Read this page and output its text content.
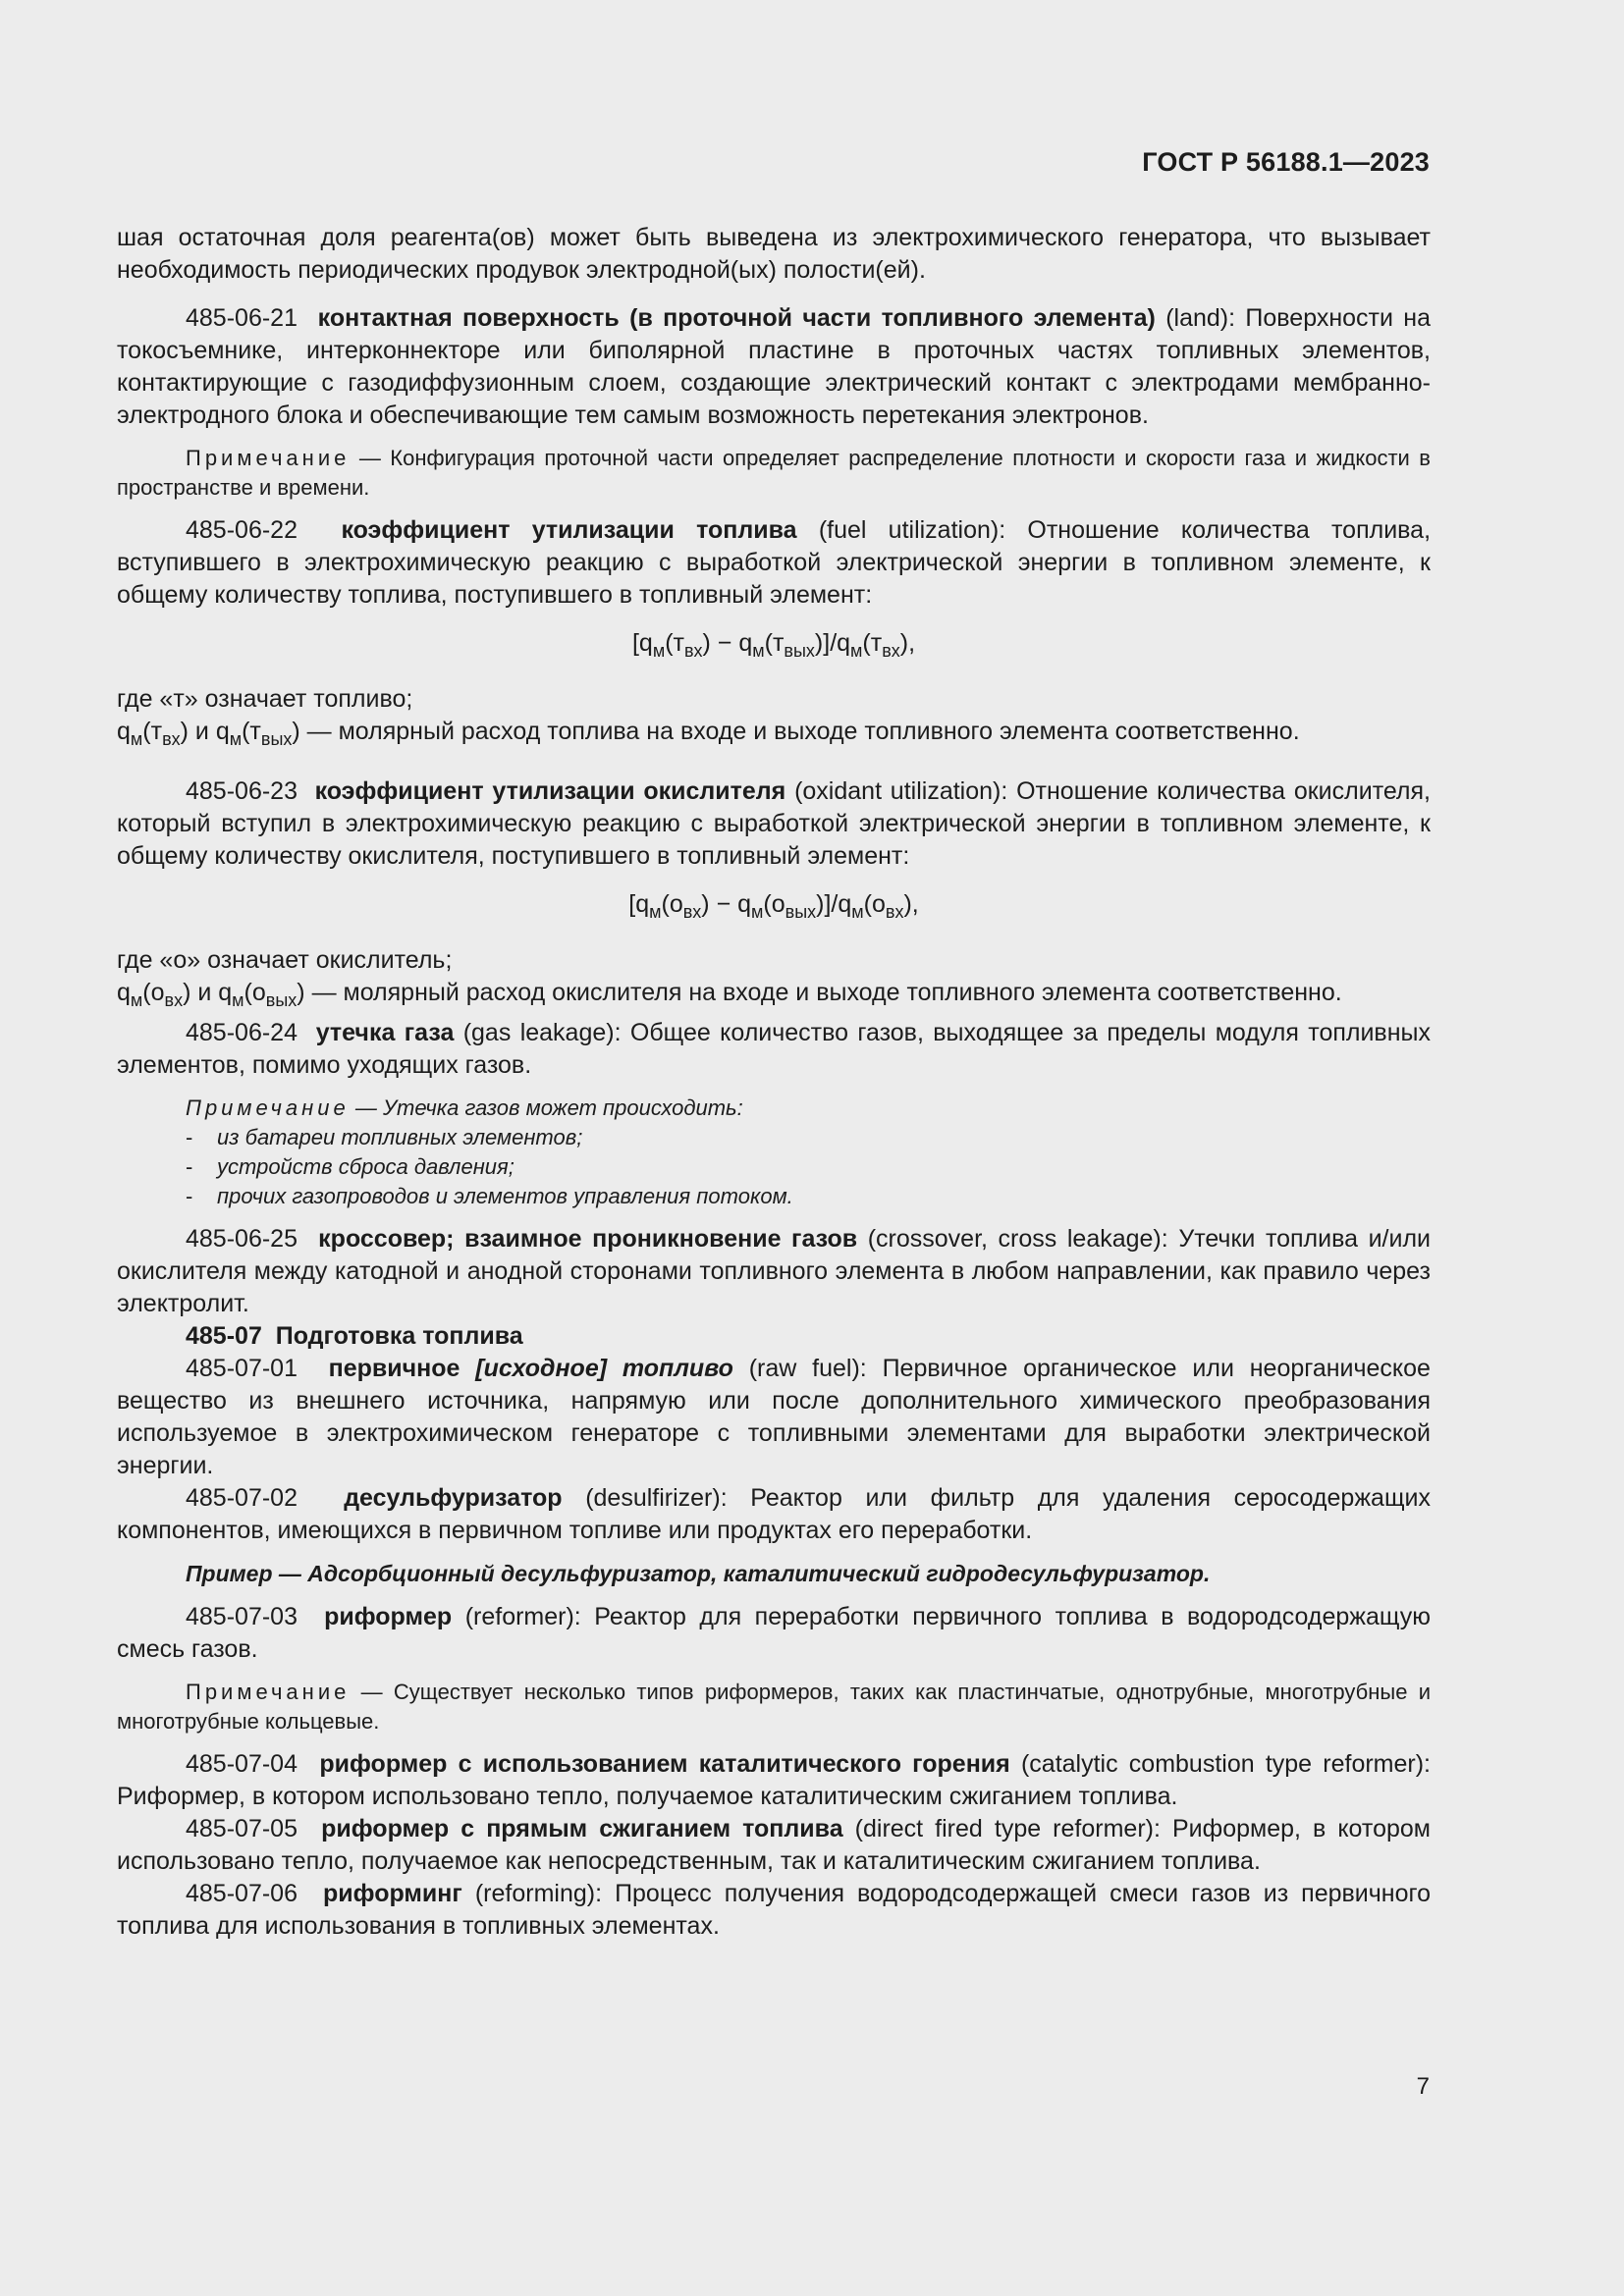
ГОСТ Р 56188.1—2023

шая остаточная доля реагента(ов) может быть выведена из электрохимического генератора, что вызывает необходимость периодических продувок электродной(ых) полости(ей).

485-06-21 контактная поверхность (в проточной части топливного элемента) (land): Поверхности на токосъемнике, интерконнекторе или биполярной пластине в проточных частях топливных элементов, контактирующие с газодиффузионным слоем, создающие электрический контакт с электродами мембранно-электродного блока и обеспечивающие тем самым возможность перетекания электронов.

Примечание — Конфигурация проточной части определяет распределение плотности и скорости газа и жидкости в пространстве и времени.

485-06-22 коэффициент утилизации топлива (fuel utilization): Отношение количества топлива, вступившего в электрохимическую реакцию с выработкой электрической энергии в топливном элементе, к общему количеству топлива, поступившего в топливный элемент:

$[q_м(т_{вх}) - q_м(т_{вых})]/q_м(т_{вх})$,

где «т» означает топливо;

$q_м(т_{вх})$ и $q_м(т_{вых})$ — молярный расход топлива на входе и выходе топливного элемента соответственно.

485-06-23 коэффициент утилизации окислителя (oxidant utilization): Отношение количества окислителя, который вступил в электрохимическую реакцию с выработкой электрической энергии в топливном элементе, к общему количеству окислителя, поступившего в топливный элемент:

$[q_м(о_{вх}) - q_м(о_{вых})]/q_м(о_{вх})$,

где «о» означает окислитель;

$q_м(о_{вх})$ и $q_м(о_{вых})$ — молярный расход окислителя на входе и выходе топливного элемента соответственно.

485-06-24 утечка газа (gas leakage): Общее количество газов, выходящее за пределы модуля топливных элементов, помимо уходящих газов.

Примечание — Утечка газов может происходить:

- из батареи топливных элементов;
- устройств сброса давления;
- прочих газопроводов и элементов управления потоком.

485-06-25 кроссовер; взаимное проникновение газов (crossover, cross leakage): Утечки топлива и/или окислителя между катодной и анодной сторонами топливного элемента в любом направлении, как правило через электролит.

485-07 Подготовка топлива

485-07-01 первичное [исходное] топливо (raw fuel): Первичное органическое или неорганическое вещество из внешнего источника, напрямую или после дополнительного химического преобразования используемое в электрохимическом генераторе с топливными элементами для выработки электрической энергии.

485-07-02 десульфуризатор (desulfirizer): Реактор или фильтр для удаления серосодержащих компонентов, имеющихся в первичном топливе или продуктах его переработки.

Пример — Адсорбционный десульфуризатор, каталитический гидродесульфуризатор.

485-07-03 риформер (reformer): Реактор для переработки первичного топлива в водородсодержащую смесь газов.

Примечание — Существует несколько типов риформеров, таких как пластинчатые, однотрубные, многотрубные и многотрубные кольцевые.

485-07-04 риформер с использованием каталитического горения (catalytic combustion type reformer): Риформер, в котором использовано тепло, получаемое каталитическим сжиганием топлива.

485-07-05 риформер с прямым сжиганием топлива (direct fired type reformer): Риформер, в котором использовано тепло, получаемое как непосредственным, так и каталитическим сжиганием топлива.

485-07-06 риформинг (reforming): Процесс получения водородсодержащей смеси газов из первичного топлива для использования в топливных элементах.

7
